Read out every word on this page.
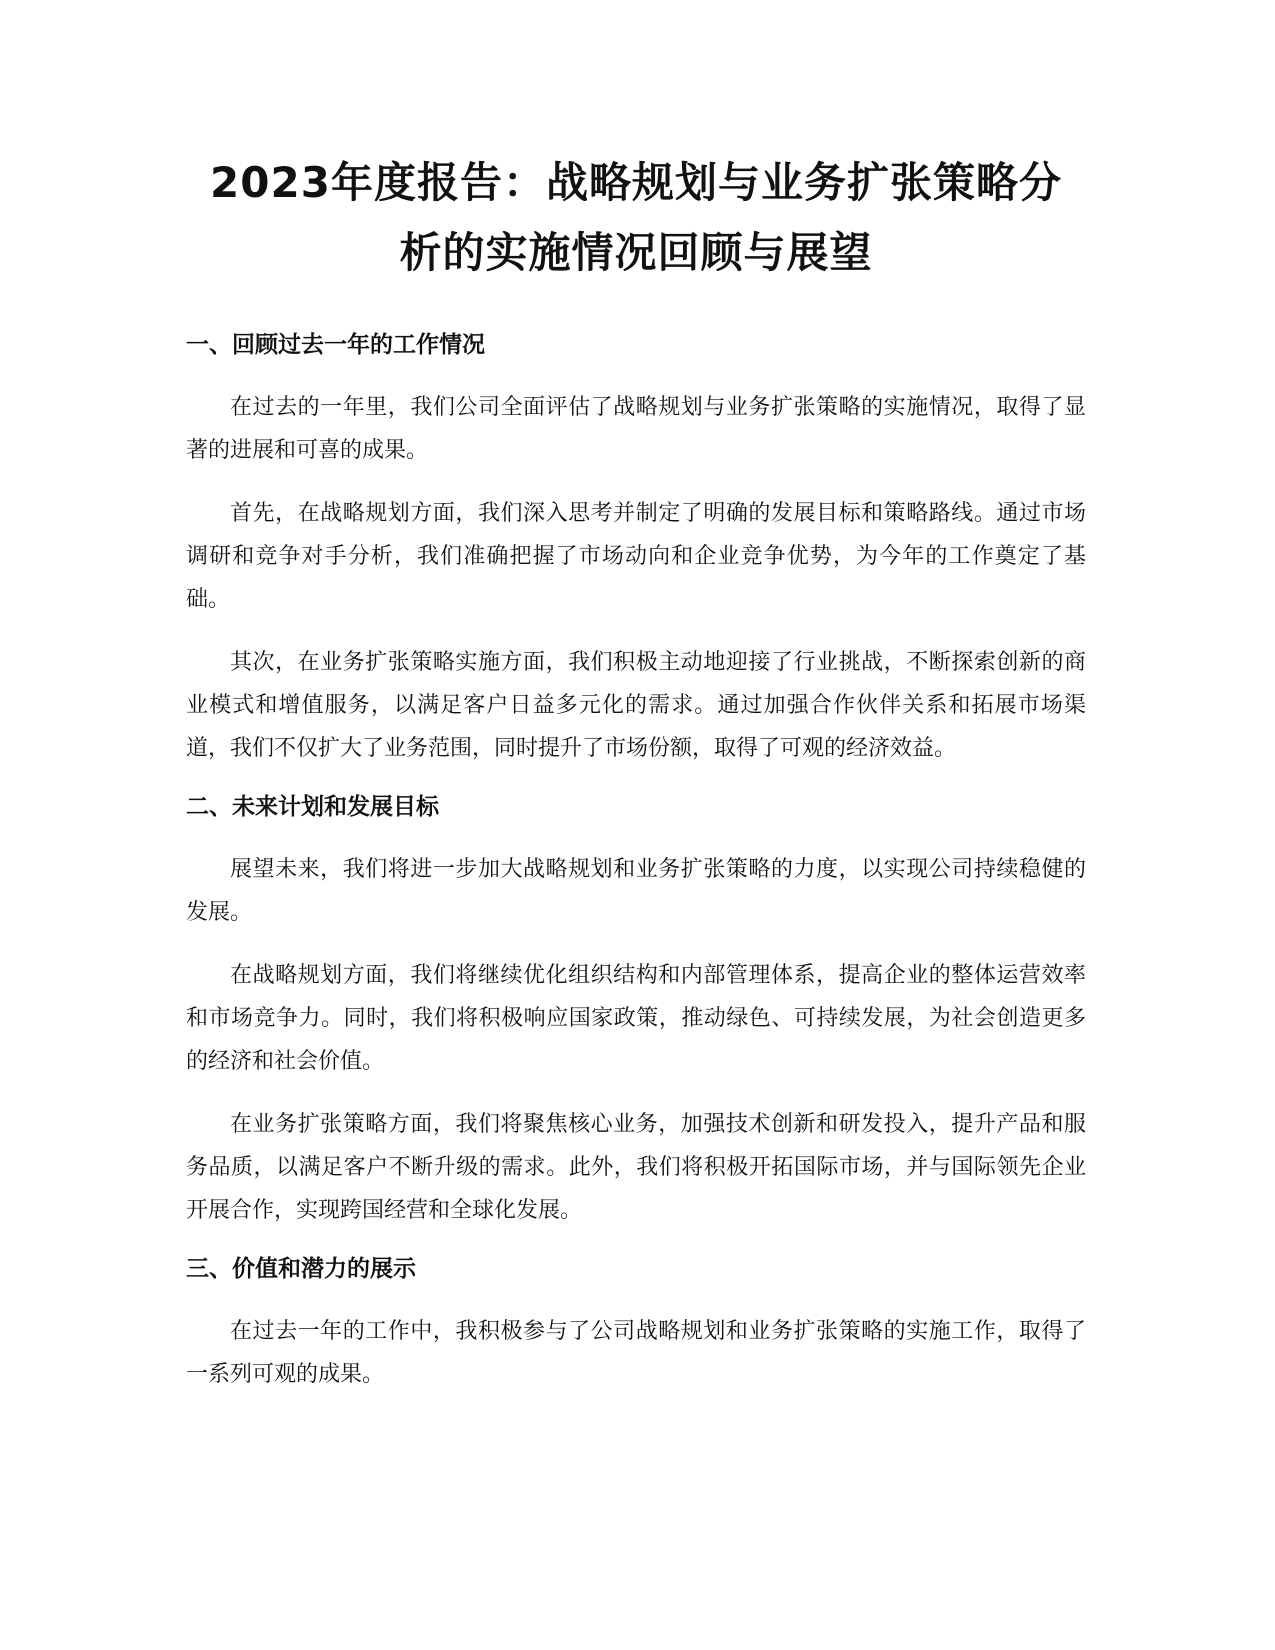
2023年度报告：战略规划与业务扩张策略分
析的实施情况回顾与展望
一、回顾过去一年的工作情况

在过去的一年里，我们公司全面评估了战略规划与业务扩张策略的实施情况，取得了显著的进展和可喜的成果。

首先，在战略规划方面，我们深入思考并制定了明确的发展目标和策略路线。通过市场调研和竞争对手分析，我们准确把握了市场动向和企业竞争优势，为今年的工作奠定了基础。

其次，在业务扩张策略实施方面，我们积极主动地迎接了行业挑战，不断探索创新的商业模式和增值服务，以满足客户日益多元化的需求。通过加强合作伙伴关系和拓展市场渠道，我们不仅扩大了业务范围，同时提升了市场份额，取得了可观的经济效益。

二、未来计划和发展目标

展望未来，我们将进一步加大战略规划和业务扩张策略的力度，以实现公司持续稳健的发展。

在战略规划方面，我们将继续优化组织结构和内部管理体系，提高企业的整体运营效率和市场竞争力。同时，我们将积极响应国家政策，推动绿色、可持续发展，为社会创造更多的经济和社会价值。

在业务扩张策略方面，我们将聚焦核心业务，加强技术创新和研发投入，提升产品和服务品质，以满足客户不断升级的需求。此外，我们将积极开拓国际市场，并与国际领先企业开展合作，实现跨国经营和全球化发展。

三、价值和潜力的展示

在过去一年的工作中，我积极参与了公司战略规划和业务扩张策略的实施工作，取得了一系列可观的成果。
